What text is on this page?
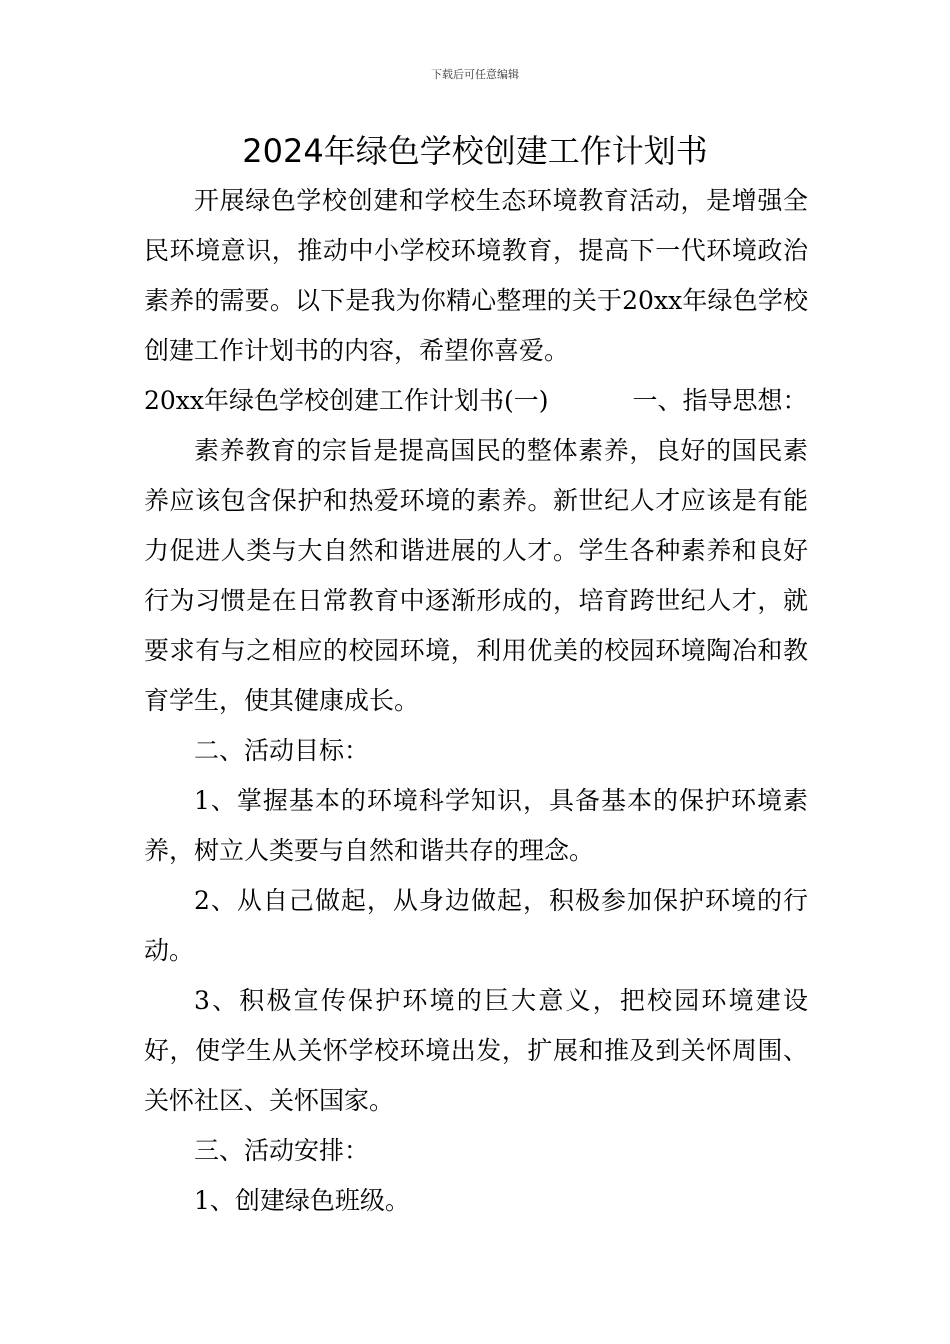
下载后可任意编辑
2024年绿色学校创建工作计划书

开展绿色学校创建和学校生态环境教育活动，是增强全民环境意识，推动中小学校环境教育，提高下一代环境政治素养的需要。以下是我为你精心整理的关于20xx年绿色学校创建工作计划书的内容，希望你喜爱。

20xx年绿色学校创建工作计划书(一)	一、指导思想：

素养教育的宗旨是提高国民的整体素养，良好的国民素养应该包含保护和热爱环境的素养。新世纪人才应该是有能力促进人类与大自然和谐进展的人才。学生各种素养和良好行为习惯是在日常教育中逐渐形成的，培育跨世纪人才，就要求有与之相应的校园环境，利用优美的校园环境陶冶和教育学生，使其健康成长。

二、活动目标：

1、掌握基本的环境科学知识，具备基本的保护环境素养，树立人类要与自然和谐共存的理念。

2、从自己做起，从身边做起，积极参加保护环境的行动。

3、积极宣传保护环境的巨大意义，把校园环境建设好，使学生从关怀学校环境出发，扩展和推及到关怀周围、关怀社区、关怀国家。

三、活动安排：

1、创建绿色班级。
